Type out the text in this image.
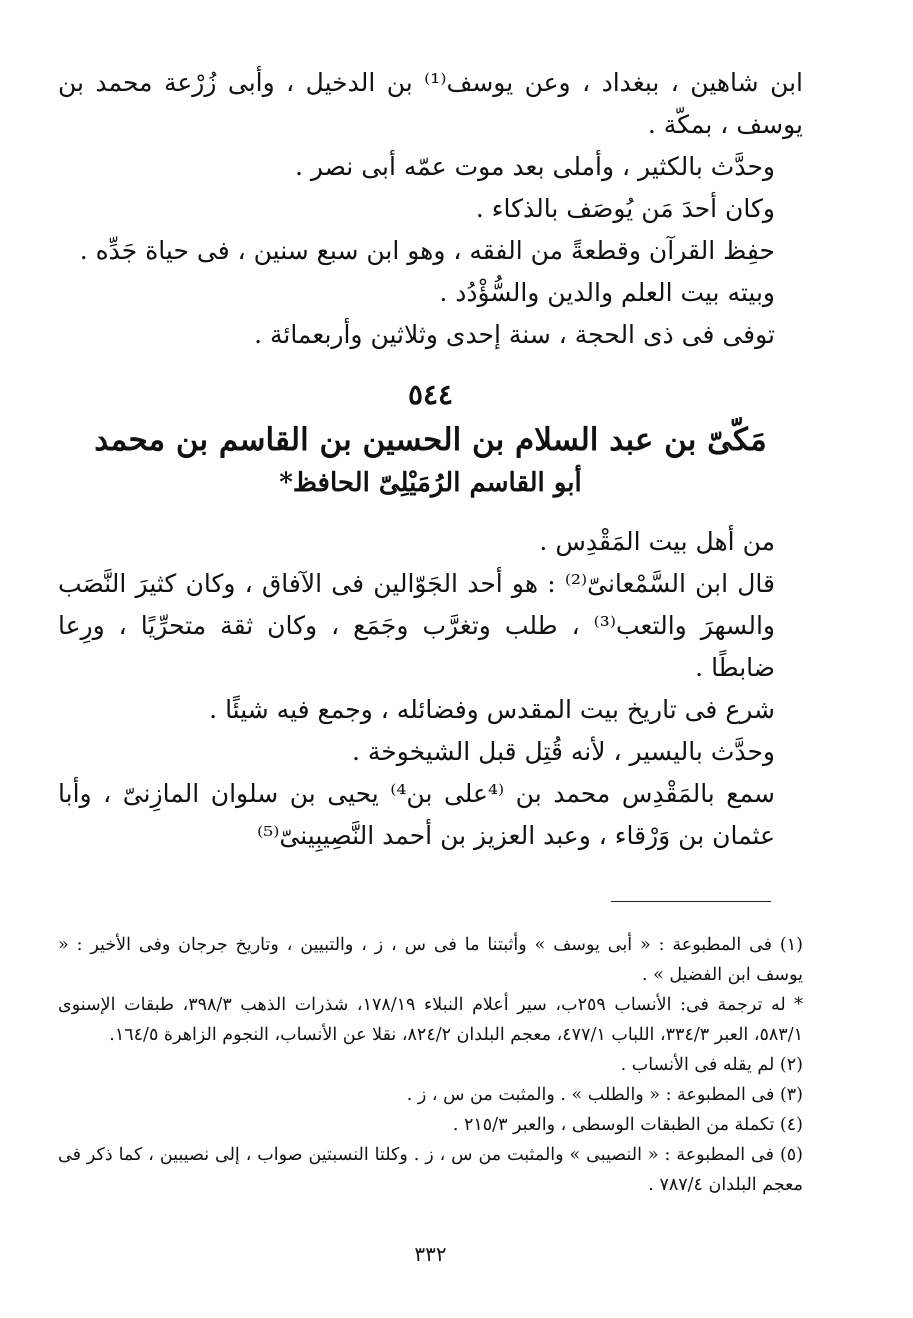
ابن شاهين ، ببغداد ، وعن يوسف⁽¹⁾ بن الدخيل ، وأبى زُرْعة محمد بن يوسف ، بمكّة .

وحدَّث بالكثير ، وأملى بعد موت عمّه أبى نصر .

وكان أحدَ مَن يُوصَف بالذكاء .

حفِظ القرآن وقطعةً من الفقه ، وهو ابن سبع سنين ، فى حياة جَدِّه .

وبيته بيت العلم والدين والسُّؤْدُد .

توفى فى ذى الحجة ، سنة إحدى وثلاثين وأربعمائة .

٥٤٤
مَكّىّ بن عبد السلام بن الحسين بن القاسم بن محمد
أبو القاسم الرُمَيْلِىّ الحافظ*

من أهل بيت المَقْدِس .

قال ابن السَّمْعانىّ⁽²⁾ : هو أحد الجَوّالين فى الآفاق ، وكان كثيرَ النَّصَب والسهرَ والتعب⁽³⁾ ، طلب وتغرَّب وجَمَع ، وكان ثقة متحرِّيًا ، ورِعا ضابطًا .

شرع فى تاريخ بيت المقدس وفضائله ، وجمع فيه شيئًا .

وحدَّث باليسير ، لأنه قُتِل قبل الشيخوخة .

سمع بالمَقْدِس محمد بن ⁽⁴على بن⁴⁾ يحيى بن سلوان المازِنىّ ، وأبا عثمان بن وَرْقاء ، وعبد العزيز بن أحمد النَّصِيبِينىّ⁽⁵⁾

(١) فى المطبوعة : « أبى يوسف » وأثبتنا ما فى س ، ز ، والتبيين ، وتاريخ جرجان وفى الأخير : « يوسف ابن الفضيل » .

* له ترجمة فى: الأنساب ٢٥٩ب، سير أعلام النبلاء ١٧٨/١٩، شذرات الذهب ٣٩٨/٣، طبقات الإسنوى ٥٨٣/١، العبر ٣٣٤/٣، اللباب ٤٧٧/١، معجم البلدان ٨٢٤/٢، نقلا عن الأنساب، النجوم الزاهرة ١٦٤/٥.

(٢) لم يقله فى الأنساب .

(٣) فى المطبوعة : « والطلب » . والمثبت من س ، ز .

(٤) تكملة من الطبقات الوسطى ، والعبر ٢١٥/٣ .

(٥) فى المطبوعة : « النصيبى » والمثبت من س ، ز . وكلتا النسبتين صواب ، إلى نصيبين ، كما ذكر فى معجم البلدان ٧٨٧/٤ .

٣٣٢
